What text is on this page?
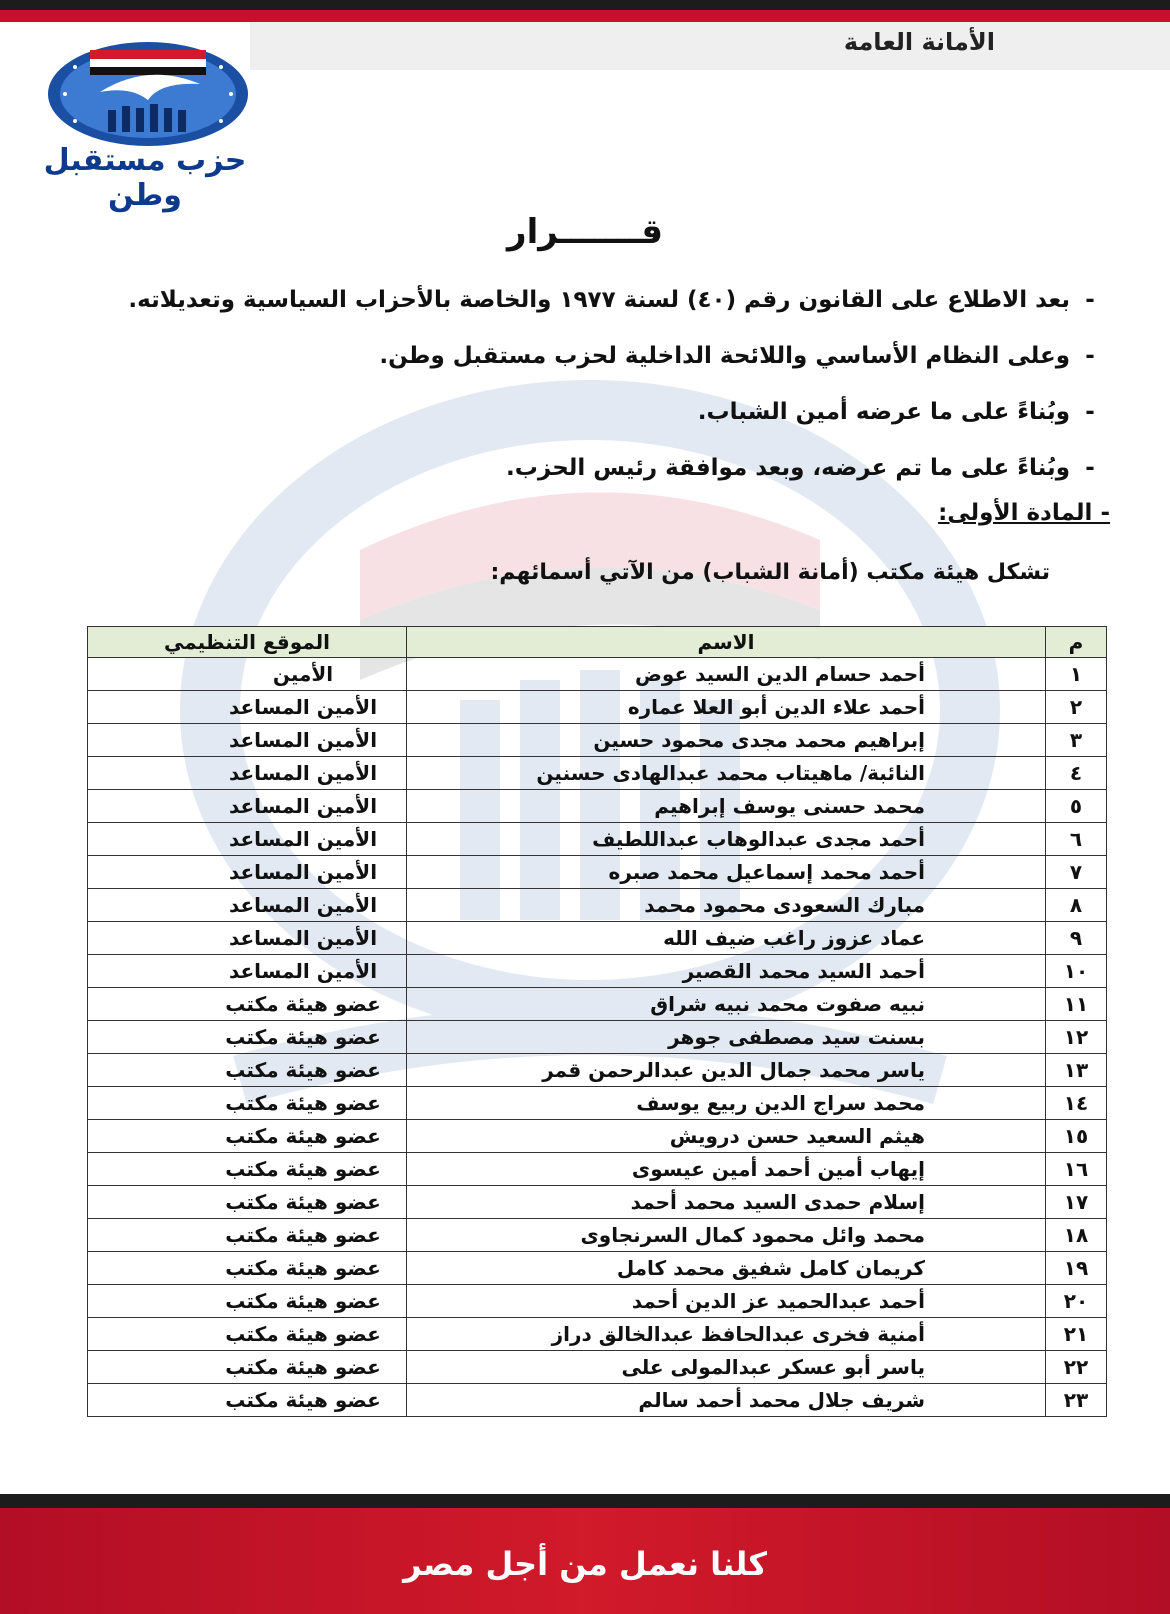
الأمانة العامة
حزب مستقبل وطن
قـــــــرار
-بعد الاطلاع على القانون رقم (٤٠) لسنة ١٩٧٧ والخاصة بالأحزاب السياسية وتعديلاته.
-وعلى النظام الأساسي واللائحة الداخلية لحزب مستقبل وطن.
-وبُناءً على ما عرضه أمين الشباب.
-وبُناءً على ما تم عرضه، وبعد موافقة رئيس الحزب.
- المادة الأولى:
تشكل هيئة مكتب (أمانة الشباب) من الآتي أسمائهم:
م	الاسم	الموقع التنظيمي
١	أحمد حسام الدين السيد عوض	الأمين
٢	أحمد علاء الدين أبو العلا عماره	الأمين المساعد
٣	إبراهيم محمد مجدى محمود حسين	الأمين المساعد
٤	النائبة/ ماهيتاب محمد عبدالهادى حسنين	الأمين المساعد
٥	محمد حسنى يوسف إبراهيم	الأمين المساعد
٦	أحمد مجدى عبدالوهاب عبداللطيف	الأمين المساعد
٧	أحمد محمد إسماعيل محمد صبره	الأمين المساعد
٨	مبارك السعودى محمود محمد	الأمين المساعد
٩	عماد عزوز راغب ضيف الله	الأمين المساعد
١٠	أحمد السيد محمد القصير	الأمين المساعد
١١	نبيه صفوت محمد نبيه شراق	عضو هيئة مكتب
١٢	بسنت سيد مصطفى جوهر	عضو هيئة مكتب
١٣	ياسر محمد جمال الدين عبدالرحمن قمر	عضو هيئة مكتب
١٤	محمد سراج الدين ربيع يوسف	عضو هيئة مكتب
١٥	هيثم السعيد حسن درويش	عضو هيئة مكتب
١٦	إيهاب أمين أحمد أمين عيسوى	عضو هيئة مكتب
١٧	إسلام حمدى السيد محمد أحمد	عضو هيئة مكتب
١٨	محمد وائل محمود كمال السرنجاوى	عضو هيئة مكتب
١٩	كريمان كامل شفيق محمد كامل	عضو هيئة مكتب
٢٠	أحمد عبدالحميد عز الدين أحمد	عضو هيئة مكتب
٢١	أمنية فخرى عبدالحافظ عبدالخالق دراز	عضو هيئة مكتب
٢٢	ياسر أبو عسكر عبدالمولى على	عضو هيئة مكتب
٢٣	شريف جلال محمد أحمد سالم	عضو هيئة مكتب
كلنا نعمل من أجل مصر
